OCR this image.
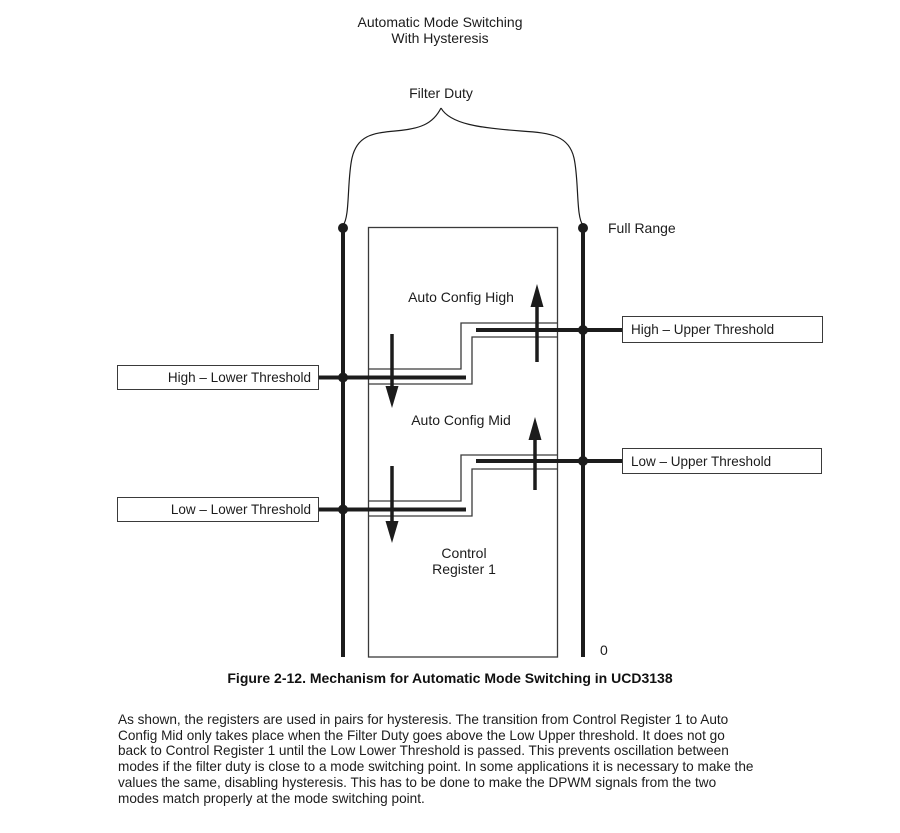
Automatic Mode Switching
With Hysteresis
Filter Duty
Full Range
Auto Config High
Auto Config Mid
Control
Register 1
0
High – Upper Threshold
High – Lower Threshold
Low – Upper Threshold
Low – Lower Threshold
Figure 2-12. Mechanism for Automatic Mode Switching in UCD3138
As shown, the registers are used in pairs for hysteresis. The transition from Control Register 1 to Auto
Config Mid only takes place when the Filter Duty goes above the Low Upper threshold. It does not go
back to Control Register 1 until the Low Lower Threshold is passed. This prevents oscillation between
modes if the filter duty is close to a mode switching point. In some applications it is necessary to make the
values the same, disabling hysteresis. This has to be done to make the DPWM signals from the two
modes match properly at the mode switching point.
